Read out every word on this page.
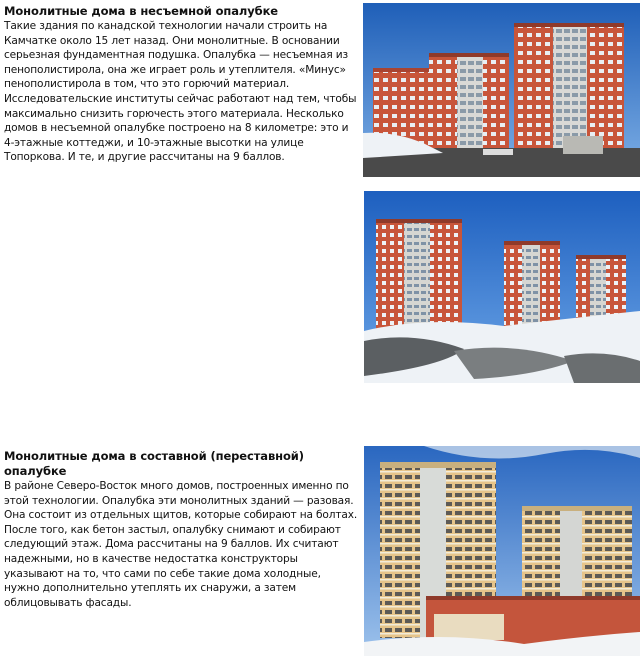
Монолитные дома в несъемной опалубке
Такие здания по канадской технологии начали строить на Камчатке около 15 лет назад. Они монолитные. В основании серьезная фундаментная подушка. Опалубка — несъемная из пенополистирола, она же играет роль и утеплителя. «Минус» пенополистирола в том, что это горючий материал. Исследовательские институты сейчас работают над тем, чтобы максимально снизить горючесть этого материала. Несколько домов в несъемной опалубке построено на 8 километре: это и 4-этажные коттеджи, и 10-этажные высотки на улице Топоркова. И те, и другие рассчитаны на 9 баллов.
Монолитные дома в составной (переставной) опалубке
В районе Северо-Восток много домов, построенных именно по этой технологии. Опалубка эти монолитных зданий — разовая. Она состоит из отдельных щитов, которые собирают на болтах. После того, как бетон застыл, опалубку снимают и собирают следующий этаж. Дома рассчитаны на 9 баллов. Их считают надежными, но в качестве недостатка конструкторы указывают на то, что сами по себе такие дома холодные, нужно дополнительно утеплять их снаружи, а затем облицовывать фасады.
